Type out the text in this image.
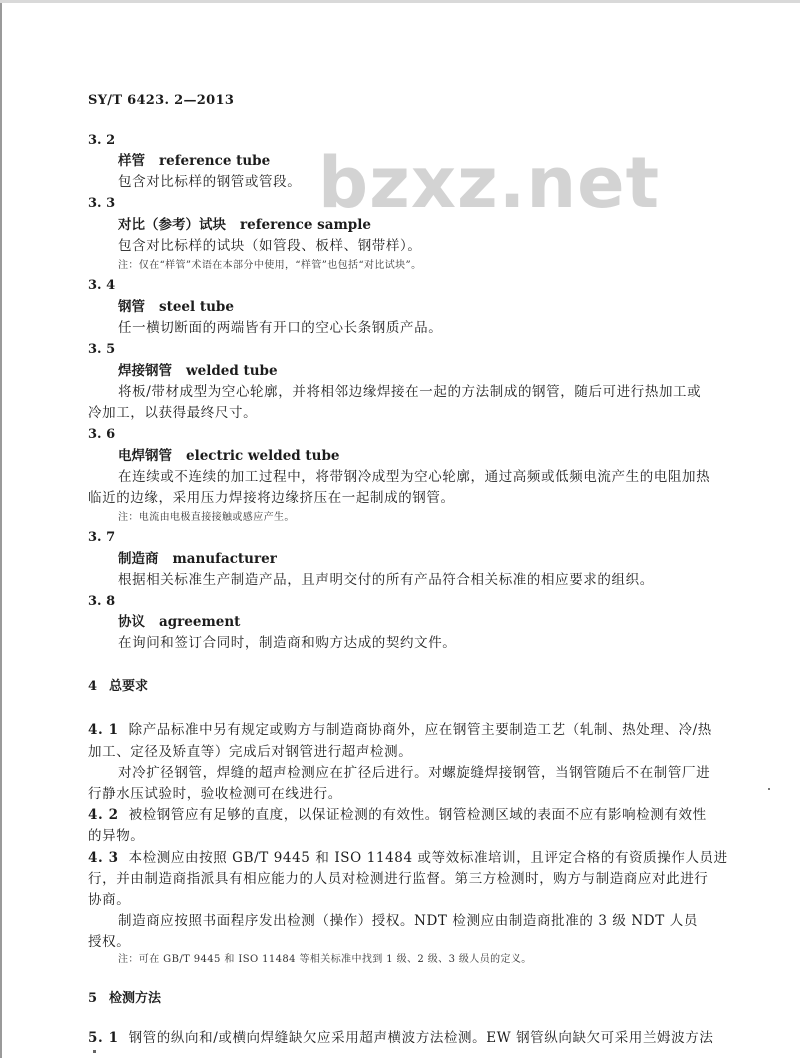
bzxz.net
SY/T 6423. 2—2013
3. 2
样管 reference tube
包含对比标样的钢管或管段。
3. 3
对比（参考）试块 reference sample
包含对比标样的试块（如管段、板样、钢带样）。
注：仅在“样管”术语在本部分中使用，“样管”也包括“对比试块”。
3. 4
钢管 steel tube
任一横切断面的两端皆有开口的空心长条钢质产品。
3. 5
焊接钢管 welded tube
将板/带材成型为空心轮廓，并将相邻边缘焊接在一起的方法制成的钢管，随后可进行热加工或
冷加工，以获得最终尺寸。
3. 6
电焊钢管 electric welded tube
在连续或不连续的加工过程中，将带钢冷成型为空心轮廓，通过高频或低频电流产生的电阻加热
临近的边缘，采用压力焊接将边缘挤压在一起制成的钢管。
注：电流由电极直接接触或感应产生。
3. 7
制造商 manufacturer
根据相关标准生产制造产品，且声明交付的所有产品符合相关标准的相应要求的组织。
3. 8
协议 agreement
在询问和签订合同时，制造商和购方达成的契约文件。
4 总要求
4. 1 除产品标准中另有规定或购方与制造商协商外，应在钢管主要制造工艺（轧制、热处理、冷/热
加工、定径及矫直等）完成后对钢管进行超声检测。
对冷扩径钢管，焊缝的超声检测应在扩径后进行。对螺旋缝焊接钢管，当钢管随后不在制管厂进
行静水压试验时，验收检测可在线进行。
4. 2 被检钢管应有足够的直度，以保证检测的有效性。钢管检测区域的表面不应有影响检测有效性
的异物。
4. 3 本检测应由按照 GB/T 9445 和 ISO 11484 或等效标准培训，且评定合格的有资质操作人员进
行，并由制造商指派具有相应能力的人员对检测进行监督。第三方检测时，购方与制造商应对此进行
协商。
制造商应按照书面程序发出检测（操作）授权。NDT 检测应由制造商批准的 3 级 NDT 人员
授权。
注：可在 GB/T 9445 和 ISO 11484 等相关标准中找到 1 级、2 级、3 级人员的定义。
5 检测方法
5. 1 钢管的纵向和/或横向焊缝缺欠应采用超声横波方法检测。EW 钢管纵向缺欠可采用兰姆波方法
